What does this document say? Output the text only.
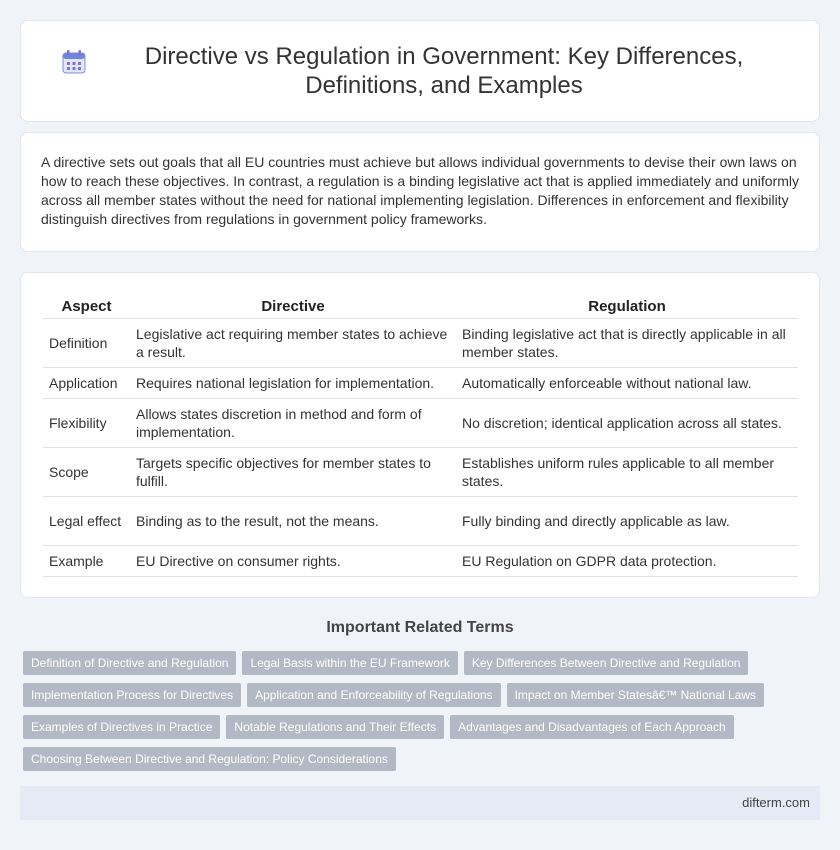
Directive vs Regulation in Government: Key Differences, Definitions, and Examples

A directive sets out goals that all EU countries must achieve but allows individual governments to devise their own laws on how to reach these objectives. In contrast, a regulation is a binding legislative act that is applied immediately and uniformly across all member states without the need for national implementing legislation. Differences in enforcement and flexibility distinguish directives from regulations in government policy frameworks.

Aspect	Directive	Regulation
Definition	Legislative act requiring member states to achieve a result.	Binding legislative act that is directly applicable in all member states.
Application	Requires national legislation for implementation.	Automatically enforceable without national law.
Flexibility	Allows states discretion in method and form of implementation.	No discretion; identical application across all states.
Scope	Targets specific objectives for member states to fulfill.	Establishes uniform rules applicable to all member states.
Legal effect	Binding as to the result, not the means.	Fully binding and directly applicable as law.
Example	EU Directive on consumer rights.	EU Regulation on GDPR data protection.
Important Related Terms
Definition of Directive and Regulation	Legal Basis within the EU Framework	Key Differences Between Directive and Regulation
Implementation Process for Directives	Application and Enforceability of Regulations	Impact on Member Statesâ€™ National Laws
Examples of Directives in Practice	Notable Regulations and Their Effects	Advantages and Disadvantages of Each Approach
Choosing Between Directive and Regulation: Policy Considerations
difterm.com
